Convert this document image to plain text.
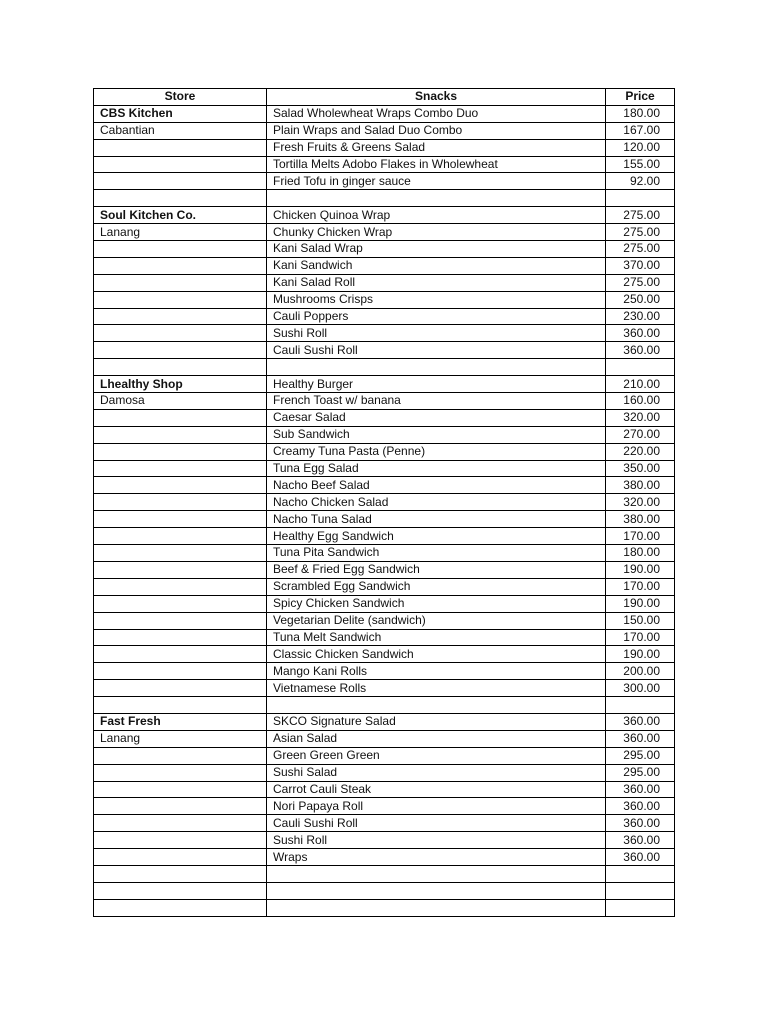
Store	Snacks	Price
CBS Kitchen	Salad Wholewheat Wraps Combo Duo	180.00
Cabantian	Plain Wraps and Salad Duo Combo	167.00
	Fresh Fruits & Greens Salad	120.00
	Tortilla Melts Adobo Flakes in Wholewheat	155.00
	Fried Tofu in ginger sauce	92.00

Soul Kitchen Co.	Chicken Quinoa Wrap	275.00
Lanang	Chunky Chicken Wrap	275.00
	Kani Salad Wrap	275.00
	Kani Sandwich	370.00
	Kani Salad Roll	275.00
	Mushrooms Crisps	250.00
	Cauli Poppers	230.00
	Sushi Roll	360.00
	Cauli Sushi Roll	360.00

Lhealthy Shop	Healthy Burger	210.00
Damosa	French Toast w/ banana	160.00
	Caesar Salad	320.00
	Sub Sandwich	270.00
	Creamy Tuna Pasta (Penne)	220.00
	Tuna Egg Salad	350.00
	Nacho Beef Salad	380.00
	Nacho Chicken Salad	320.00
	Nacho Tuna Salad	380.00
	Healthy Egg Sandwich	170.00
	Tuna Pita Sandwich	180.00
	Beef & Fried Egg Sandwich	190.00
	Scrambled Egg Sandwich	170.00
	Spicy Chicken Sandwich	190.00
	Vegetarian Delite (sandwich)	150.00
	Tuna Melt Sandwich	170.00
	Classic Chicken Sandwich	190.00
	Mango Kani Rolls	200.00
	Vietnamese Rolls	300.00

Fast Fresh	SKCO Signature Salad	360.00
Lanang	Asian Salad	360.00
	Green Green Green	295.00
	Sushi Salad	295.00
	Carrot Cauli Steak	360.00
	Nori Papaya Roll	360.00
	Cauli Sushi Roll	360.00
	Sushi Roll	360.00
	Wraps	360.00
